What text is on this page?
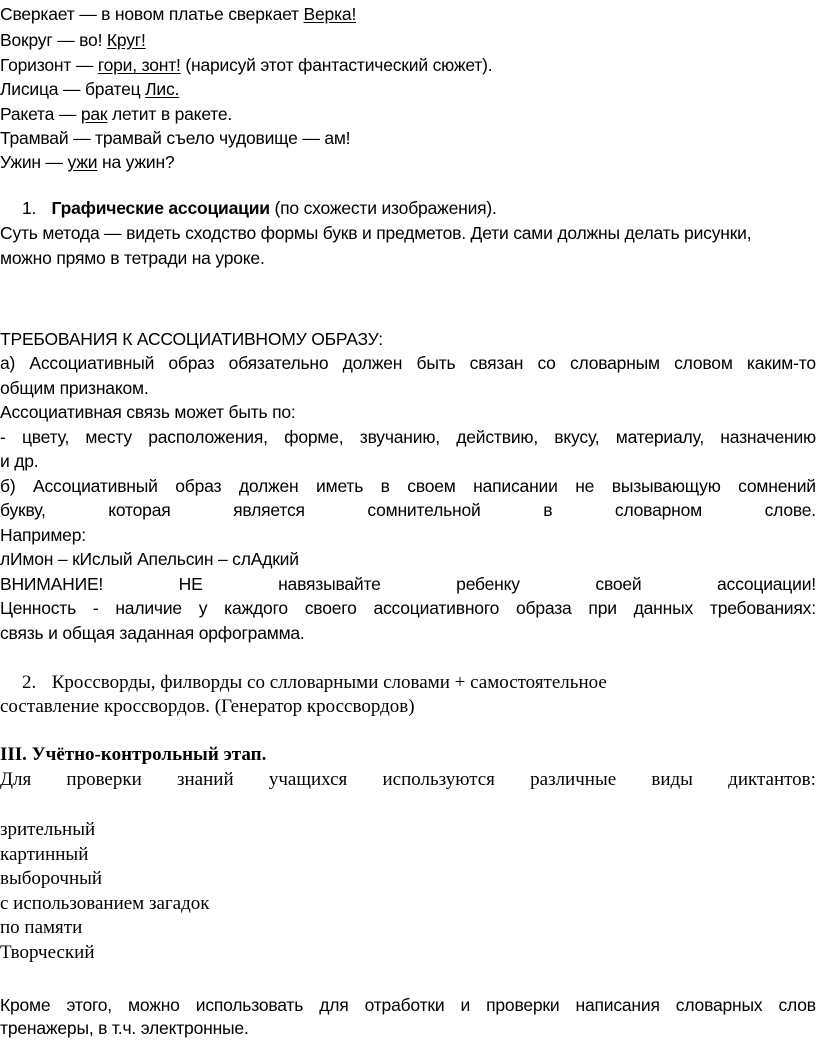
Сверкает — в новом платье сверкает Верка!
Вокруг — во! Круг!
Горизонт — гори, зонт! (нарисуй этот фантастический сюжет).
Лисица — братец Лис.
Ракета — рак летит в ракете.
Трамвай — трамвай съело чудовище — ам!
Ужин — ужи на ужин?
1. Графические ассоциации (по схожести изображения).
Суть метода — видеть сходство формы букв и предметов. Дети сами должны делать рисунки,
можно прямо в тетради на уроке.
ТРЕБОВАНИЯ К АССОЦИАТИВНОМУ ОБРАЗУ:
а) Ассоциативный образ обязательно должен быть связан со словарным словом каким-то
общим признаком.
Ассоциативная связь может быть по:
- цвету, месту расположения, форме, звучанию, действию, вкусу, материалу, назначению
и др.
б) Ассоциативный образ должен иметь в своем написании не вызывающую сомнений
букву,	которая	является	сомнительной	в	словарном	слове.
Например:
лИмон – кИслый Апельсин – слАдкий
ВНИМАНИЕ!	НЕ	навязывайте	ребенку	своей	ассоциации!
Ценность - наличие у каждого своего ассоциативного образа при данных требованиях:
связь и общая заданная орфограмма.
2. Кроссворды, филворды со слловарными словами + самостоятельное
составление кроссвордов. (Генератор кроссвордов)
III. Учётно-контрольный этап.
Для проверки знаний учащихся используются различные виды диктантов:
зрительный
картинный
выборочный
с использованием загадок
по памяти
Творческий
Кроме этого, можно использовать для отработки и проверки написания словарных слов
тренажеры, в т.ч. электронные.
